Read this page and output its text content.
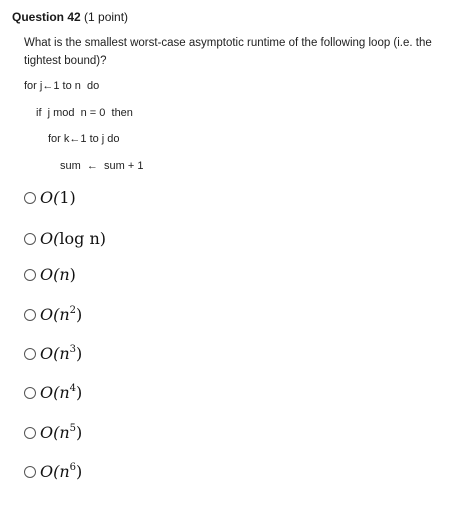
Question 42 (1 point)
What is the smallest worst-case asymptotic runtime of the following loop (i.e. the tightest bound)?
for j←1 to n  do
if  j mod  n = 0  then
for k←1 to j do
sum  ←  sum + 1
O(1)
O(log n)
O(n)
$O(n^2)$
$O(n^3)$
$O(n^4)$
$O(n^5)$
$O(n^6)$
